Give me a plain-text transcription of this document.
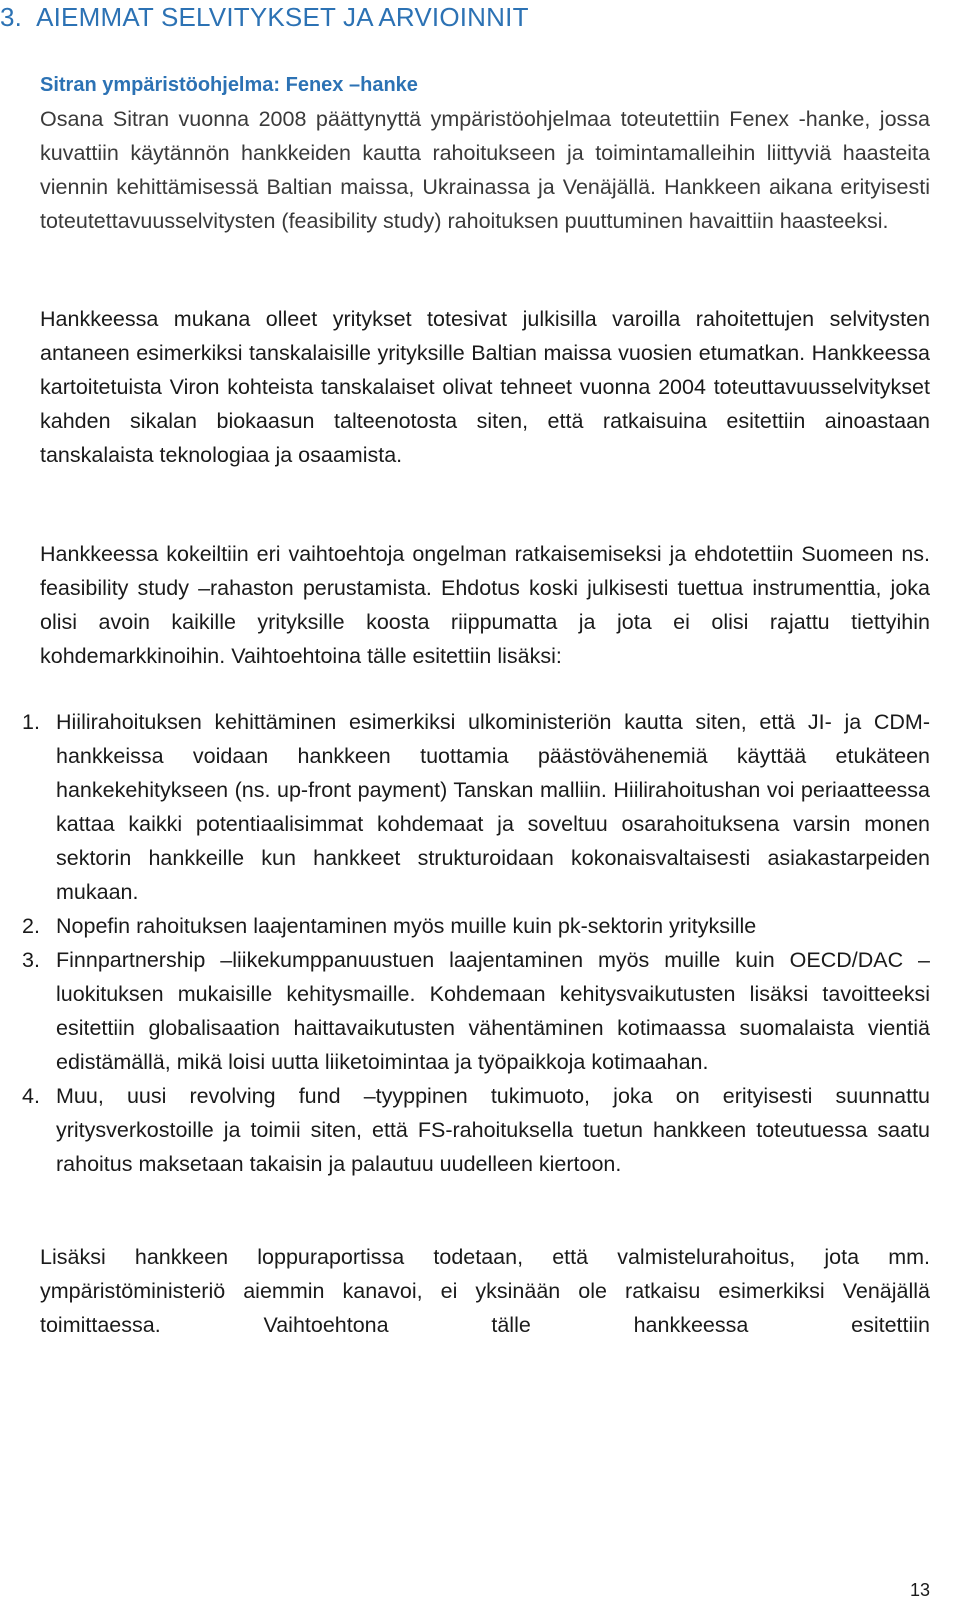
3. AIEMMAT SELVITYKSET JA ARVIOINNIT
Sitran ympäristöohjelma: Fenex –hanke
Osana Sitran vuonna 2008 päättynyttä ympäristöohjelmaa toteutettiin Fenex -hanke, jossa kuvattiin käytännön hankkeiden kautta rahoitukseen ja toimintamalleihin liittyviä haasteita viennin kehittämisessä Baltian maissa, Ukrainassa ja Venäjällä. Hankkeen aikana erityisesti toteutettavuusselvitysten (feasibility study) rahoituksen puuttuminen havaittiin haasteeksi.
Hankkeessa mukana olleet yritykset totesivat julkisilla varoilla rahoitettujen selvitysten antaneen esimerkiksi tanskalaisille yrityksille Baltian maissa vuosien etumatkan. Hankkeessa kartoitetuista Viron kohteista tanskalaiset olivat tehneet vuonna 2004 toteuttavuusselvitykset kahden sikalan biokaasun talteenotosta siten, että ratkaisuina esitettiin ainoastaan tanskalaista teknologiaa ja osaamista.
Hankkeessa kokeiltiin eri vaihtoehtoja ongelman ratkaisemiseksi ja ehdotettiin Suomeen ns. feasibility study –rahaston perustamista. Ehdotus koski julkisesti tuettua instrumenttia, joka olisi avoin kaikille yrityksille koosta riippumatta ja jota ei olisi rajattu tiettyihin kohdemarkkinoihin. Vaihtoehtoina tälle esitettiin lisäksi:
1. Hiilirahoituksen kehittäminen esimerkiksi ulkoministeriön kautta siten, että JI- ja CDM-hankkeissa voidaan hankkeen tuottamia päästövähenemiä käyttää etukäteen hankekehitykseen (ns. up-front payment) Tanskan malliin. Hiilirahoitushan voi periaatteessa kattaa kaikki potentiaalisimmat kohdemaat ja soveltuu osarahoituksena varsin monen sektorin hankkeille kun hankkeet strukturoidaan kokonaisvaltaisesti asiakastarpeiden mukaan.
2. Nopefin rahoituksen laajentaminen myös muille kuin pk-sektorin yrityksille
3. Finnpartnership –liikekumppanuustuen laajentaminen myös muille kuin OECD/DAC –luokituksen mukaisille kehitysmaille. Kohdemaan kehitysvaikutusten lisäksi tavoitteeksi esitettiin globalisaation haittavaikutusten vähentäminen kotimaassa suomalaista vientiä edistämällä, mikä loisi uutta liiketoimintaa ja työpaikkoja kotimaahan.
4. Muu, uusi revolving fund –tyyppinen tukimuoto, joka on erityisesti suunnattu yritysverkostoille ja toimii siten, että FS-rahoituksella tuetun hankkeen toteutuessa saatu rahoitus maksetaan takaisin ja palautuu uudelleen kiertoon.
Lisäksi hankkeen loppuraportissa todetaan, että valmistelurahoitus, jota mm. ympäristöministeriö aiemmin kanavoi, ei yksinään ole ratkaisu esimerkiksi Venäjällä toimittaessa. Vaihtoehtona tälle hankkeessa esitettiin
13
